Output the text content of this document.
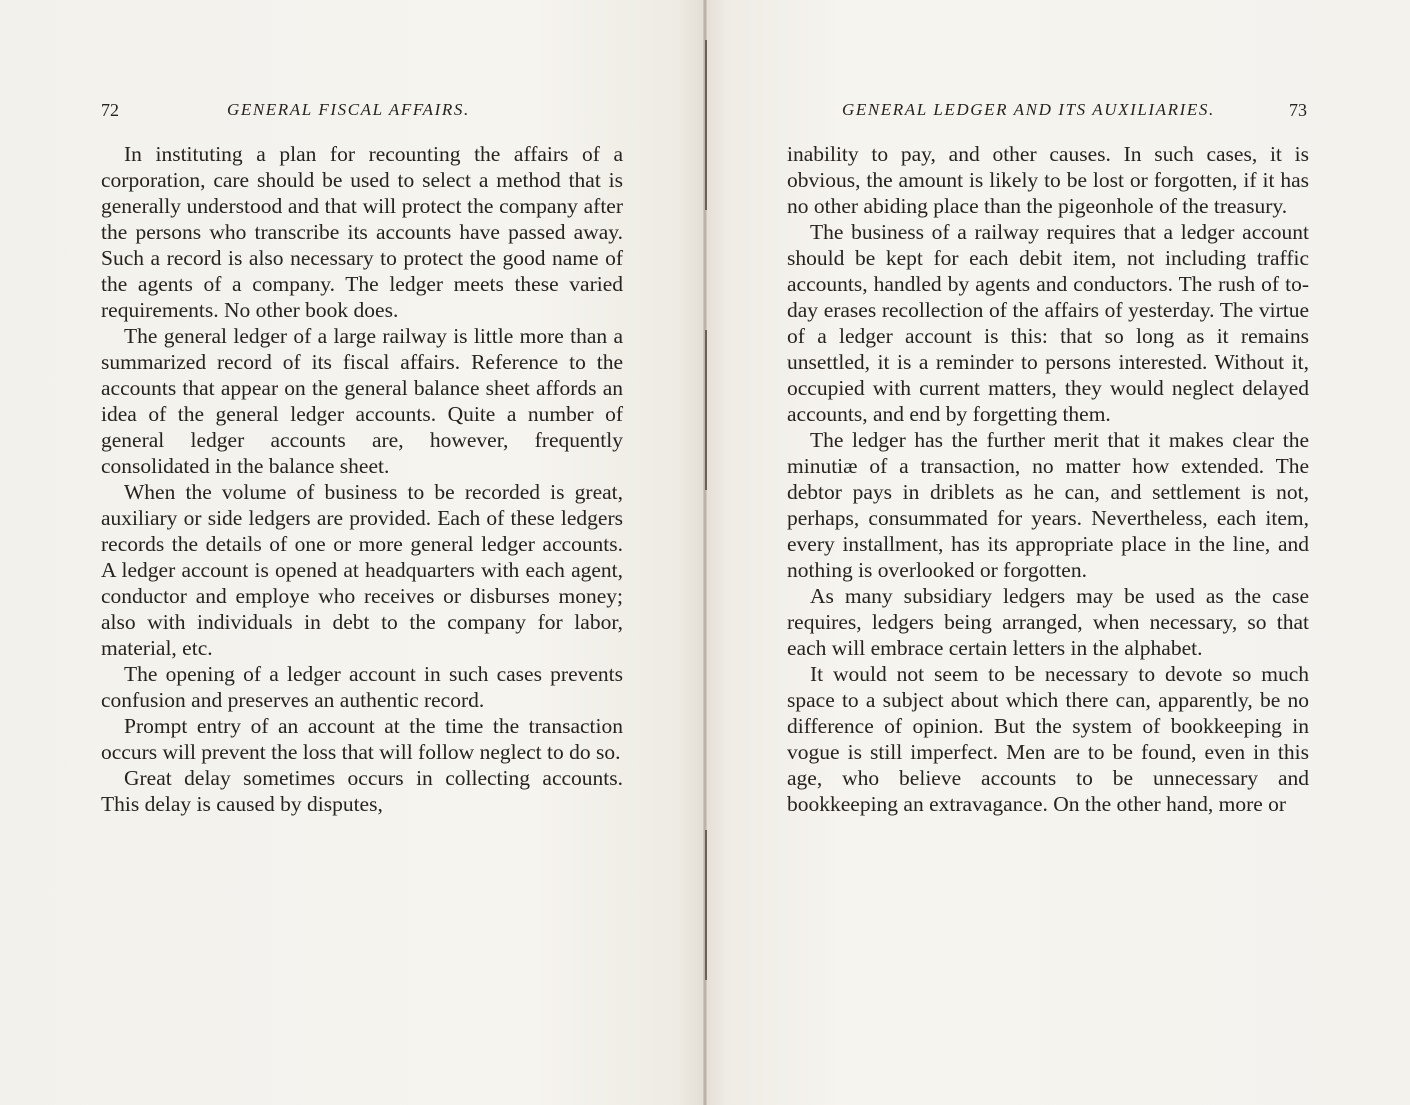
72	GENERAL FISCAL AFFAIRS.

In instituting a plan for recounting the affairs of a corporation, care should be used to select a method that is generally understood and that will protect the company after the persons who transcribe its accounts have passed away. Such a record is also necessary to protect the good name of the agents of a company. The ledger meets these varied requirements. No other book does.

The general ledger of a large railway is little more than a summarized record of its fiscal affairs. Reference to the accounts that appear on the general balance sheet affords an idea of the general ledger accounts. Quite a number of general ledger accounts are, however, frequently consolidated in the balance sheet.

When the volume of business to be recorded is great, auxiliary or side ledgers are provided. Each of these ledgers records the details of one or more general ledger accounts. A ledger account is opened at headquarters with each agent, conductor and employe who receives or disburses money; also with individuals in debt to the company for labor, material, etc.

The opening of a ledger account in such cases prevents confusion and preserves an authentic record.

Prompt entry of an account at the time the transaction occurs will prevent the loss that will follow neglect to do so.

Great delay sometimes occurs in collecting accounts. This delay is caused by disputes,

GENERAL LEDGER AND ITS AUXILIARIES.	73

inability to pay, and other causes. In such cases, it is obvious, the amount is likely to be lost or forgotten, if it has no other abiding place than the pigeonhole of the treasury.

The business of a railway requires that a ledger account should be kept for each debit item, not including traffic accounts, handled by agents and conductors. The rush of to-day erases recollection of the affairs of yesterday. The virtue of a ledger account is this: that so long as it remains unsettled, it is a reminder to persons interested. Without it, occupied with current matters, they would neglect delayed accounts, and end by forgetting them.

The ledger has the further merit that it makes clear the minutiæ of a transaction, no matter how extended. The debtor pays in driblets as he can, and settlement is not, perhaps, consummated for years. Nevertheless, each item, every installment, has its appropriate place in the line, and nothing is overlooked or forgotten.

As many subsidiary ledgers may be used as the case requires, ledgers being arranged, when necessary, so that each will embrace certain letters in the alphabet.

It would not seem to be necessary to devote so much space to a subject about which there can, apparently, be no difference of opinion. But the system of bookkeeping in vogue is still imperfect. Men are to be found, even in this age, who believe accounts to be unnecessary and bookkeeping an extravagance. On the other hand, more or
